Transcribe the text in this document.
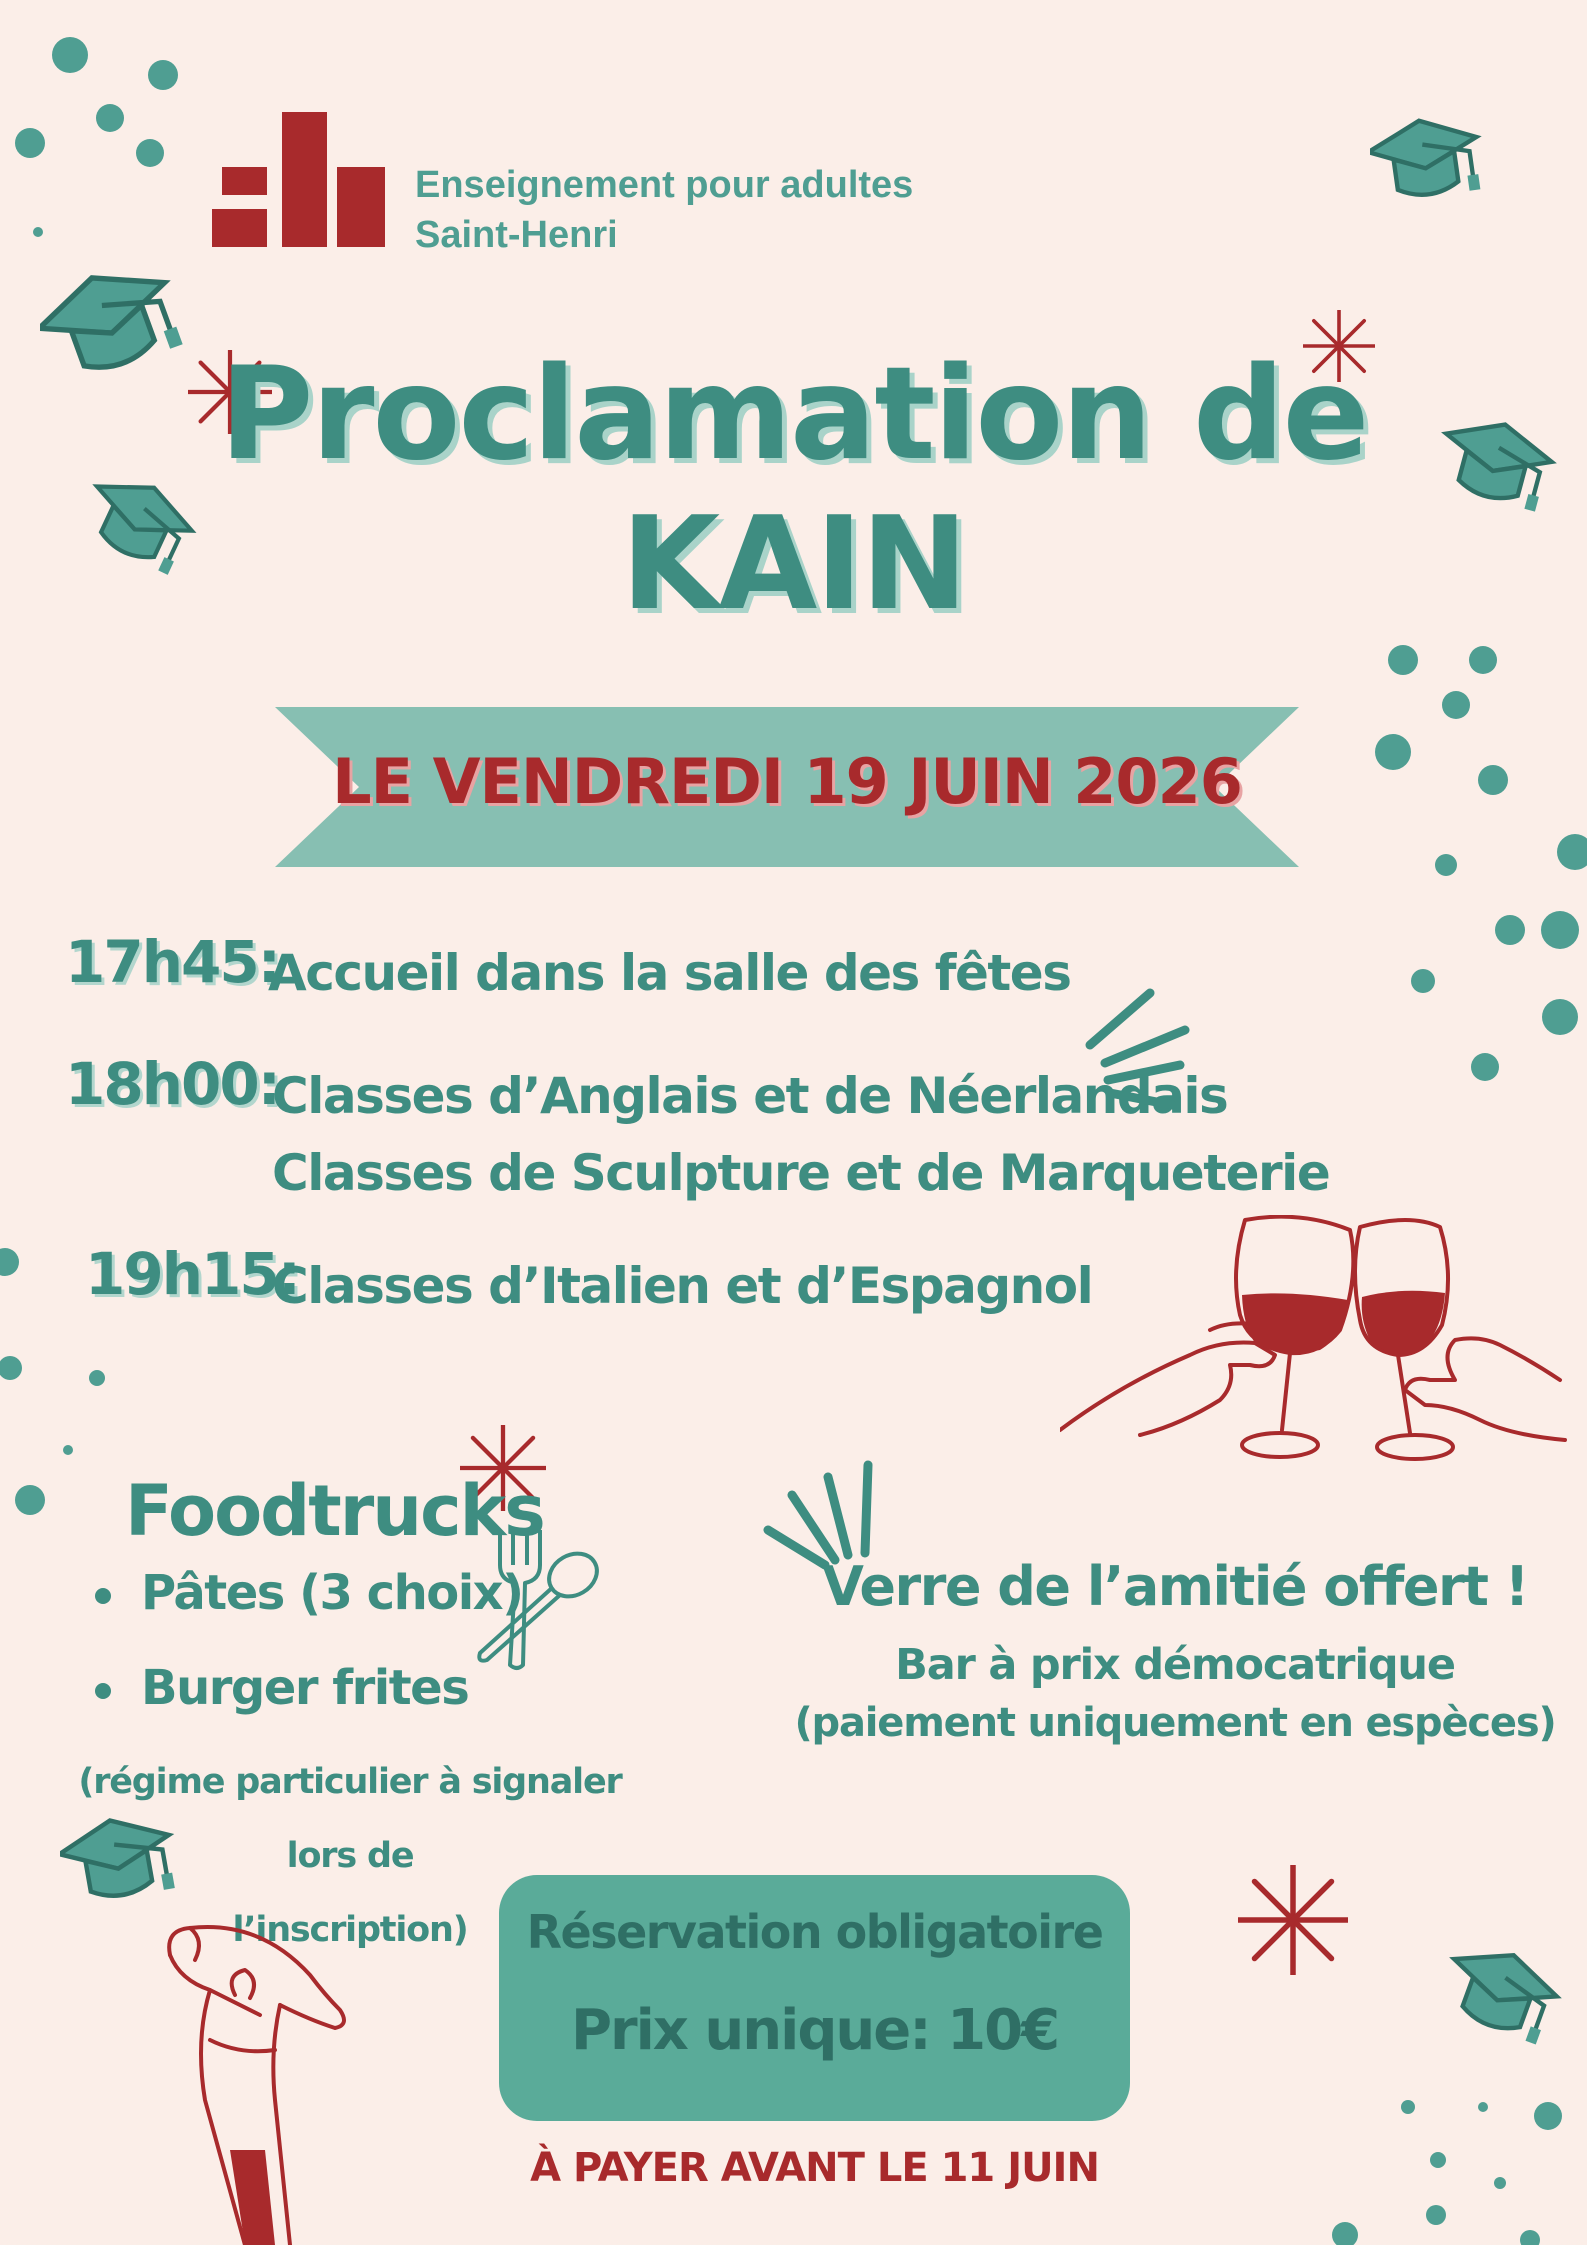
Enseignement pour adultes
Saint-Henri
Proclamation de
KAIN
LE VENDREDI 19 JUIN 2026
17h45:
Accueil dans la salle des fêtes
18h00:
Classes d’Anglais et de Néerlandais
Classes de Sculpture et de Marqueterie
19h15:
Classes d’Italien et d’Espagnol
Foodtrucks
Pâtes (3 choix)
Burger frites
(régime particulier à signaler lors de
l’inscription)
Verre de l’amitié offert !
Bar à prix démocatrique
(paiement uniquement en espèces)
Réservation obligatoire
Prix unique: 10€
À PAYER AVANT LE 11 JUIN
